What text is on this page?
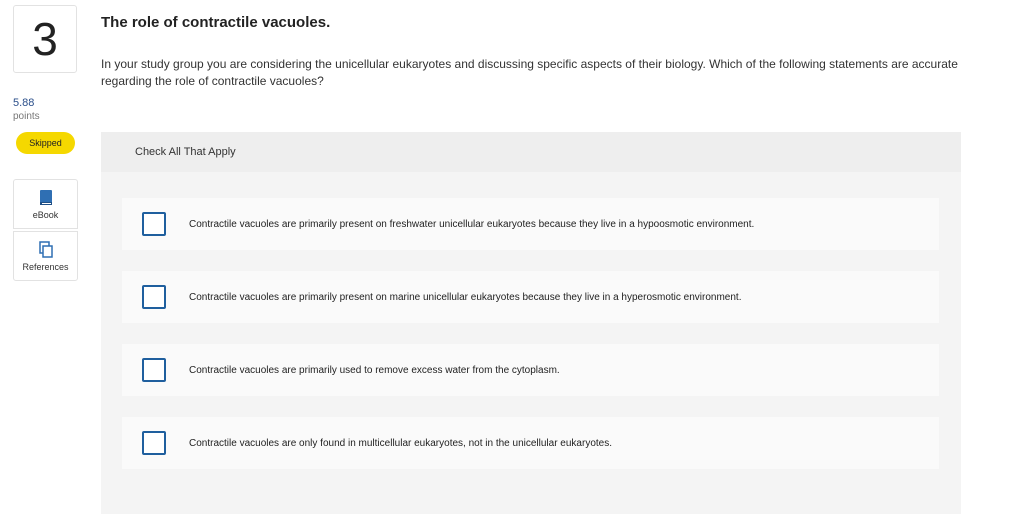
3
5.88
points
Skipped
eBook
References
The role of contractile vacuoles.
In your study group you are considering the unicellular eukaryotes and discussing specific aspects of their biology. Which of the following statements are accurate regarding the role of contractile vacuoles?
Check All That Apply
Contractile vacuoles are primarily present on freshwater unicellular eukaryotes because they live in a hypoosmotic environment.
Contractile vacuoles are primarily present on marine unicellular eukaryotes because they live in a hyperosmotic environment.
Contractile vacuoles are primarily used to remove excess water from the cytoplasm.
Contractile vacuoles are only found in multicellular eukaryotes, not in the unicellular eukaryotes.
